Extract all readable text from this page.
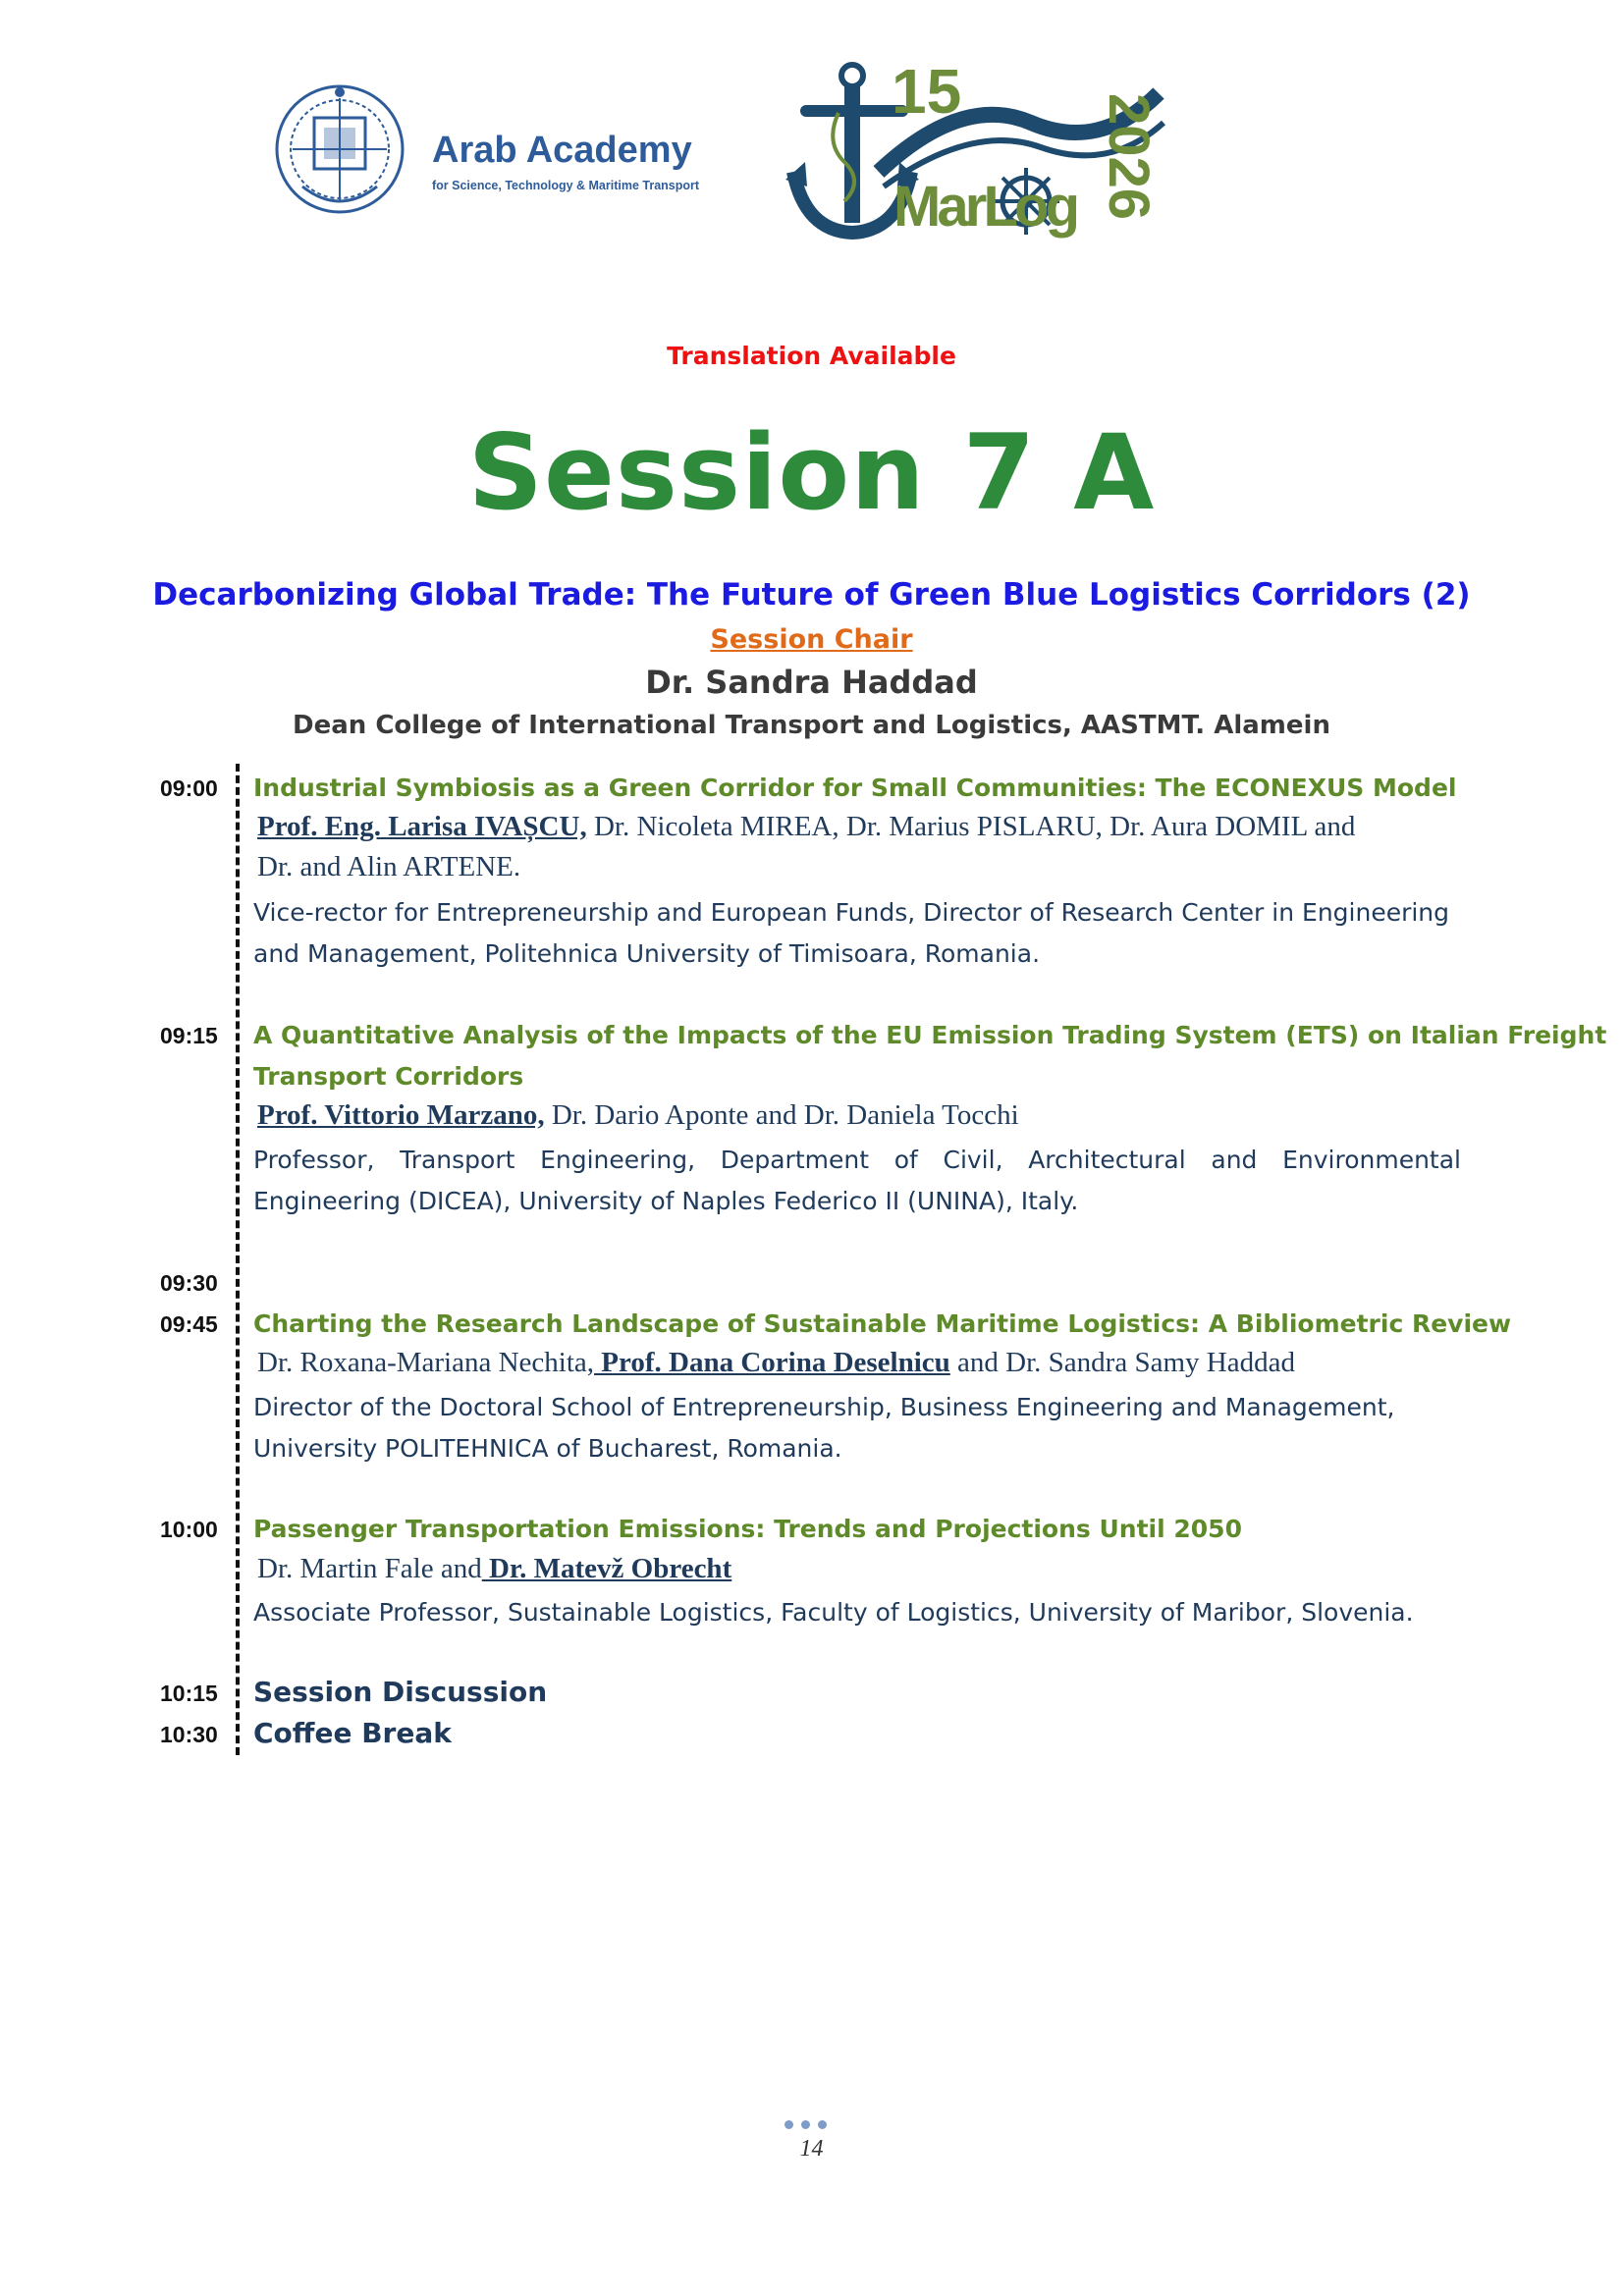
Arab Academy
for Science, Technology & Maritime Transport
15
2026
MarLog
Translation Available
Session 7 A
Decarbonizing Global Trade: The Future of Green Blue Logistics Corridors (2)
Session Chair
Dr. Sandra Haddad
Dean College of International Transport and Logistics, AASTMT. Alamein
09:00 Industrial Symbiosis as a Green Corridor for Small Communities: The ECONEXUS Model
Prof. Eng. Larisa IVAȘCU, Dr. Nicoleta MIREA, Dr. Marius PISLARU, Dr. Aura DOMIL and
Dr. and Alin ARTENE.
Vice-rector for Entrepreneurship and European Funds, Director of Research Center in Engineering and Management, Politehnica University of Timisoara, Romania.
09:15 A Quantitative Analysis of the Impacts of the EU Emission Trading System (ETS) on Italian Freight
Transport Corridors
Prof. Vittorio Marzano, Dr. Dario Aponte and Dr. Daniela Tocchi
Professor, Transport Engineering, Department of Civil, Architectural and Environmental Engineering (DICEA), University of Naples Federico II (UNINA), Italy.
09:30
09:45 Charting the Research Landscape of Sustainable Maritime Logistics: A Bibliometric Review
Dr. Roxana-Mariana Nechita, Prof. Dana Corina Deselnicu and Dr. Sandra Samy Haddad
Director of the Doctoral School of Entrepreneurship, Business Engineering and Management, University POLITEHNICA of Bucharest, Romania.
10:00 Passenger Transportation Emissions: Trends and Projections Until 2050
Dr. Martin Fale and Dr. Matevž Obrecht
Associate Professor, Sustainable Logistics, Faculty of Logistics, University of Maribor, Slovenia.
10:15 Session Discussion
10:30 Coffee Break
14
